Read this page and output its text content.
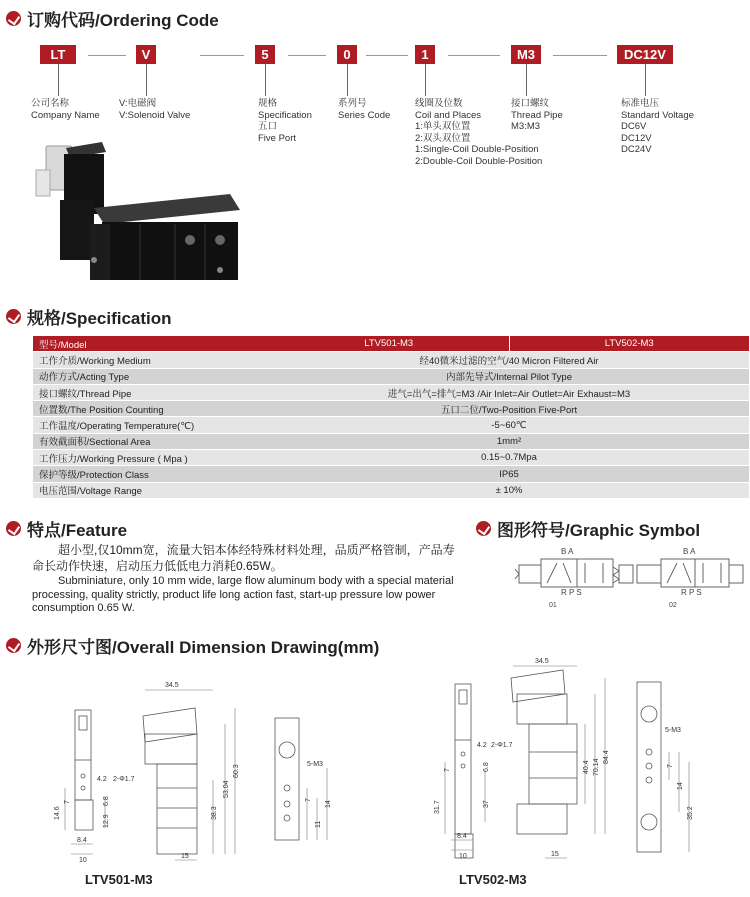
订购代码/Ordering Code
LT	V	5	0	1	M3	DC12V
公司名称
Company Name
V:电磁阀
V:Solenoid Valve
规格
Specification
五口
Five Port
系列号
Series Code
线圈及位数
Coil and Places
1:单头双位置
2:双头双位置
1:Single-Coil Double-Position
2:Double-Coil Double-Position
接口螺纹
Thread Pipe
M3:M3
标准电压
Standard Voltage
DC6V
DC12V
DC24V
规格/Specification
型号/Model	LTV501-M3	LTV502-M3
工作介质/Working Medium	经40微米过滤的空气/40 Micron Filtered Air	
动作方式/Acting Type	内部先导式/Internal Pilot Type	
接口螺纹/Thread Pipe	进气=出气=排气=M3 /Air Inlet=Air Outlet=Air Exhaust=M3	
位置数/The Position Counting	五口二位/Two-Position Five-Port	
工作温度/Operating Temperature(℃)	-5~60℃	
有效截面积/Sectional Area	1mm²	
工作压力/Working Pressure ( Mpa )	0.15~0.7Mpa	
保护等级/Protection Class	IP65	
电压范围/Voltage Range	± 10%	
特点/Feature
超小型,仅10mm宽，流量大铝本体经特殊材料处理，品质严格管制，产品寿命长动作快速，启动压力低低电力消耗0.65W。
Subminiature, only 10 mm wide, large flow aluminum body with a special material processing, quality strictly, product life long action fast, start-up pressure low power consumption 0.65 W.
图形符号/Graphic Symbol
B A
R P S
01
B A
R P S
02
外形尺寸图/Overall Dimension Drawing(mm)
34.5
60.3
53.04
38.3
4.2 2-Φ1.7
6.8
14.6
7
12.9
8.4
10
15
5-M3
7
11
14
LTV501-M3
34.5
84.4
70.14
40.4
4.2 2-Φ1.7
6.8
31.7
7
37
8.4
10	15
5-M3
7
14
35.2
LTV502-M3
